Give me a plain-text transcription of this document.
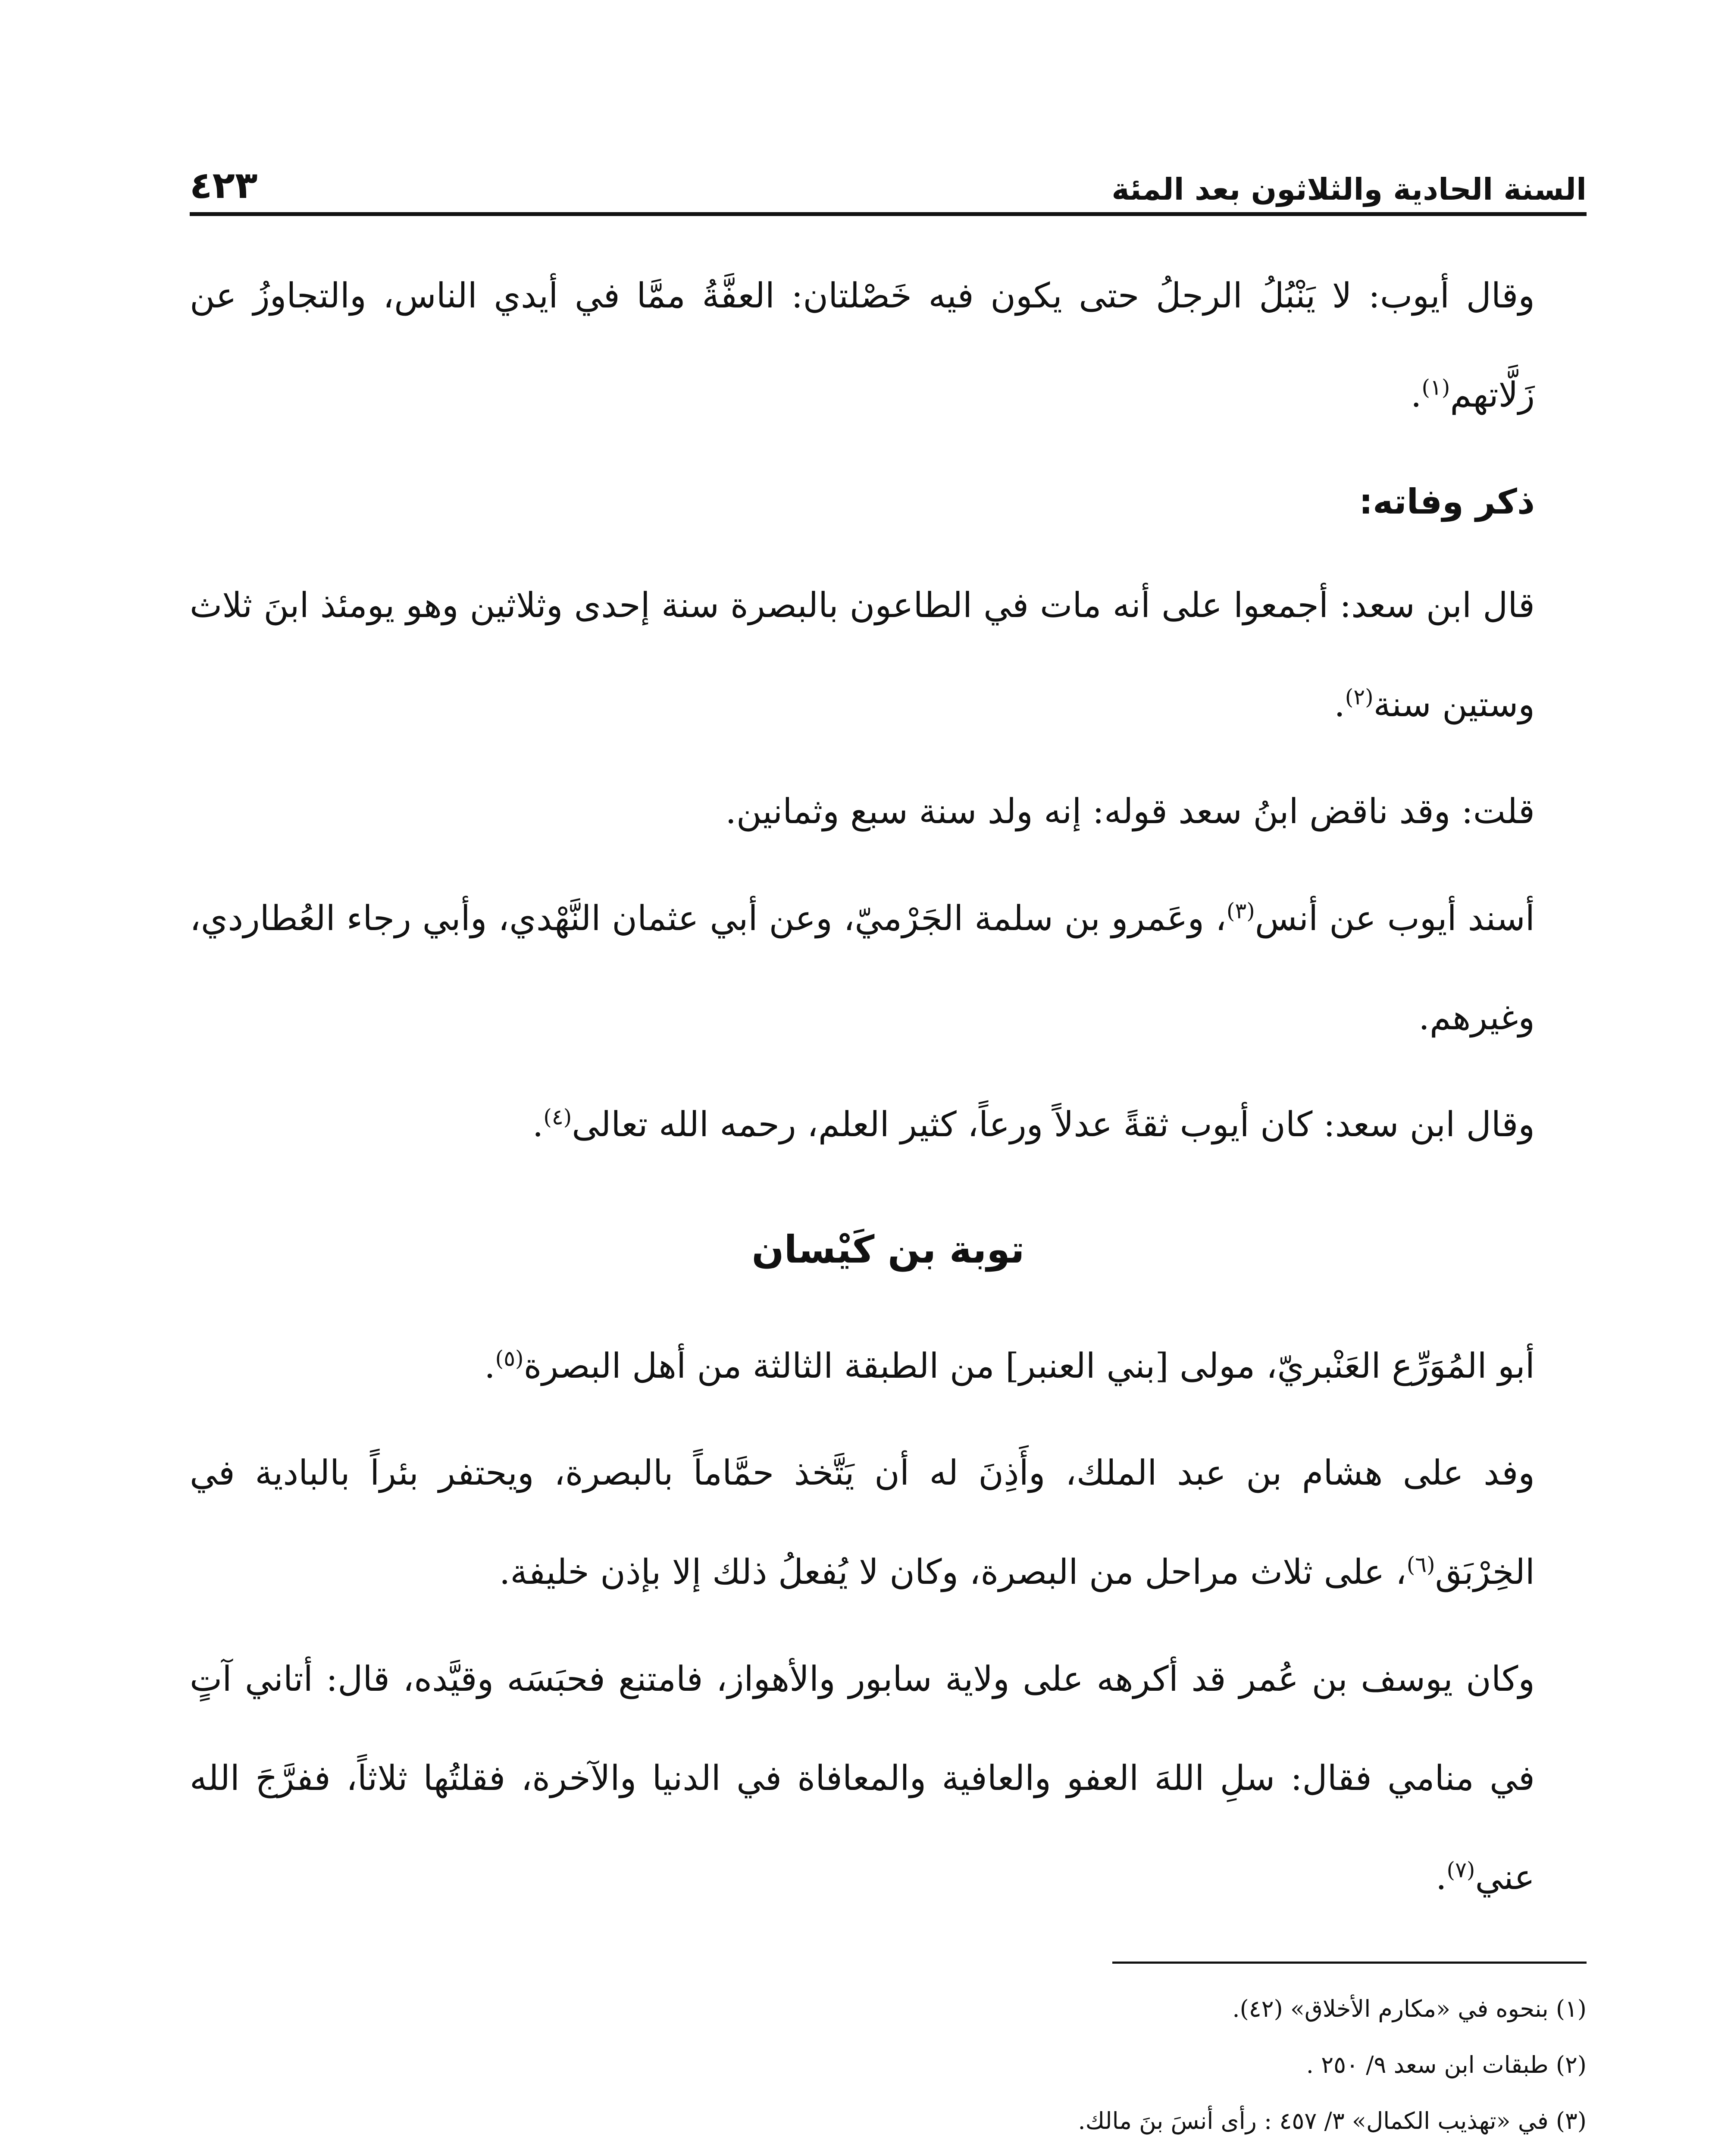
السنة الحادية والثلاثون بعد المئة
٤٢٣

وقال أيوب: لا يَنْبُلُ الرجلُ حتى يكون فيه خَصْلتان: العفَّةُ ممَّا في أيدي الناس، والتجاوزُ عن زَلَّاتهم$^{(١)}$.

ذكر وفاته:

قال ابن سعد: أجمعوا على أنه مات في الطاعون بالبصرة سنة إحدى وثلاثين وهو يومئذ ابنَ ثلاث وستين سنة$^{(٢)}$.

قلت: وقد ناقض ابنُ سعد قوله: إنه ولد سنة سبع وثمانين.

أسند أيوب عن أنس$^{(٣)}$، وعَمرو بن سلمة الجَرْميّ، وعن أبي عثمان النَّهْدي، وأبي رجاء العُطاردي، وغيرهم.

وقال ابن سعد: كان أيوب ثقةً عدلاً ورعاً، كثير العلم، رحمه الله تعالى$^{(٤)}$.

توبة بن كَيْسان

أبو المُوَرِّع العَنْبريّ، مولى [بني العنبر] من الطبقة الثالثة من أهل البصرة$^{(٥)}$.

وفد على هشام بن عبد الملك، وأَذِنَ له أن يَتَّخذ حمَّاماً بالبصرة، ويحتفر بئراً بالبادية في الخِرْبَق$^{(٦)}$، على ثلاث مراحل من البصرة، وكان لا يُفعلُ ذلك إلا بإذن خليفة.

وكان يوسف بن عُمر قد أكرهه على ولاية سابور والأهواز، فامتنع فحبَسَه وقيَّده، قال: أتاني آتٍ في منامي فقال: سلِ اللهَ العفو والعافية والمعافاة في الدنيا والآخرة، فقلتُها ثلاثاً، ففرَّجَ الله عني$^{(٧)}$.

(١) بنحوه في «مكارم الأخلاق» (٤٢).

(٢) طبقات ابن سعد ٩/ ٢٥٠ .

(٣) في «تهذيب الكمال» ٣/ ٤٥٧ : رأى أنسَ بنَ مالك.
